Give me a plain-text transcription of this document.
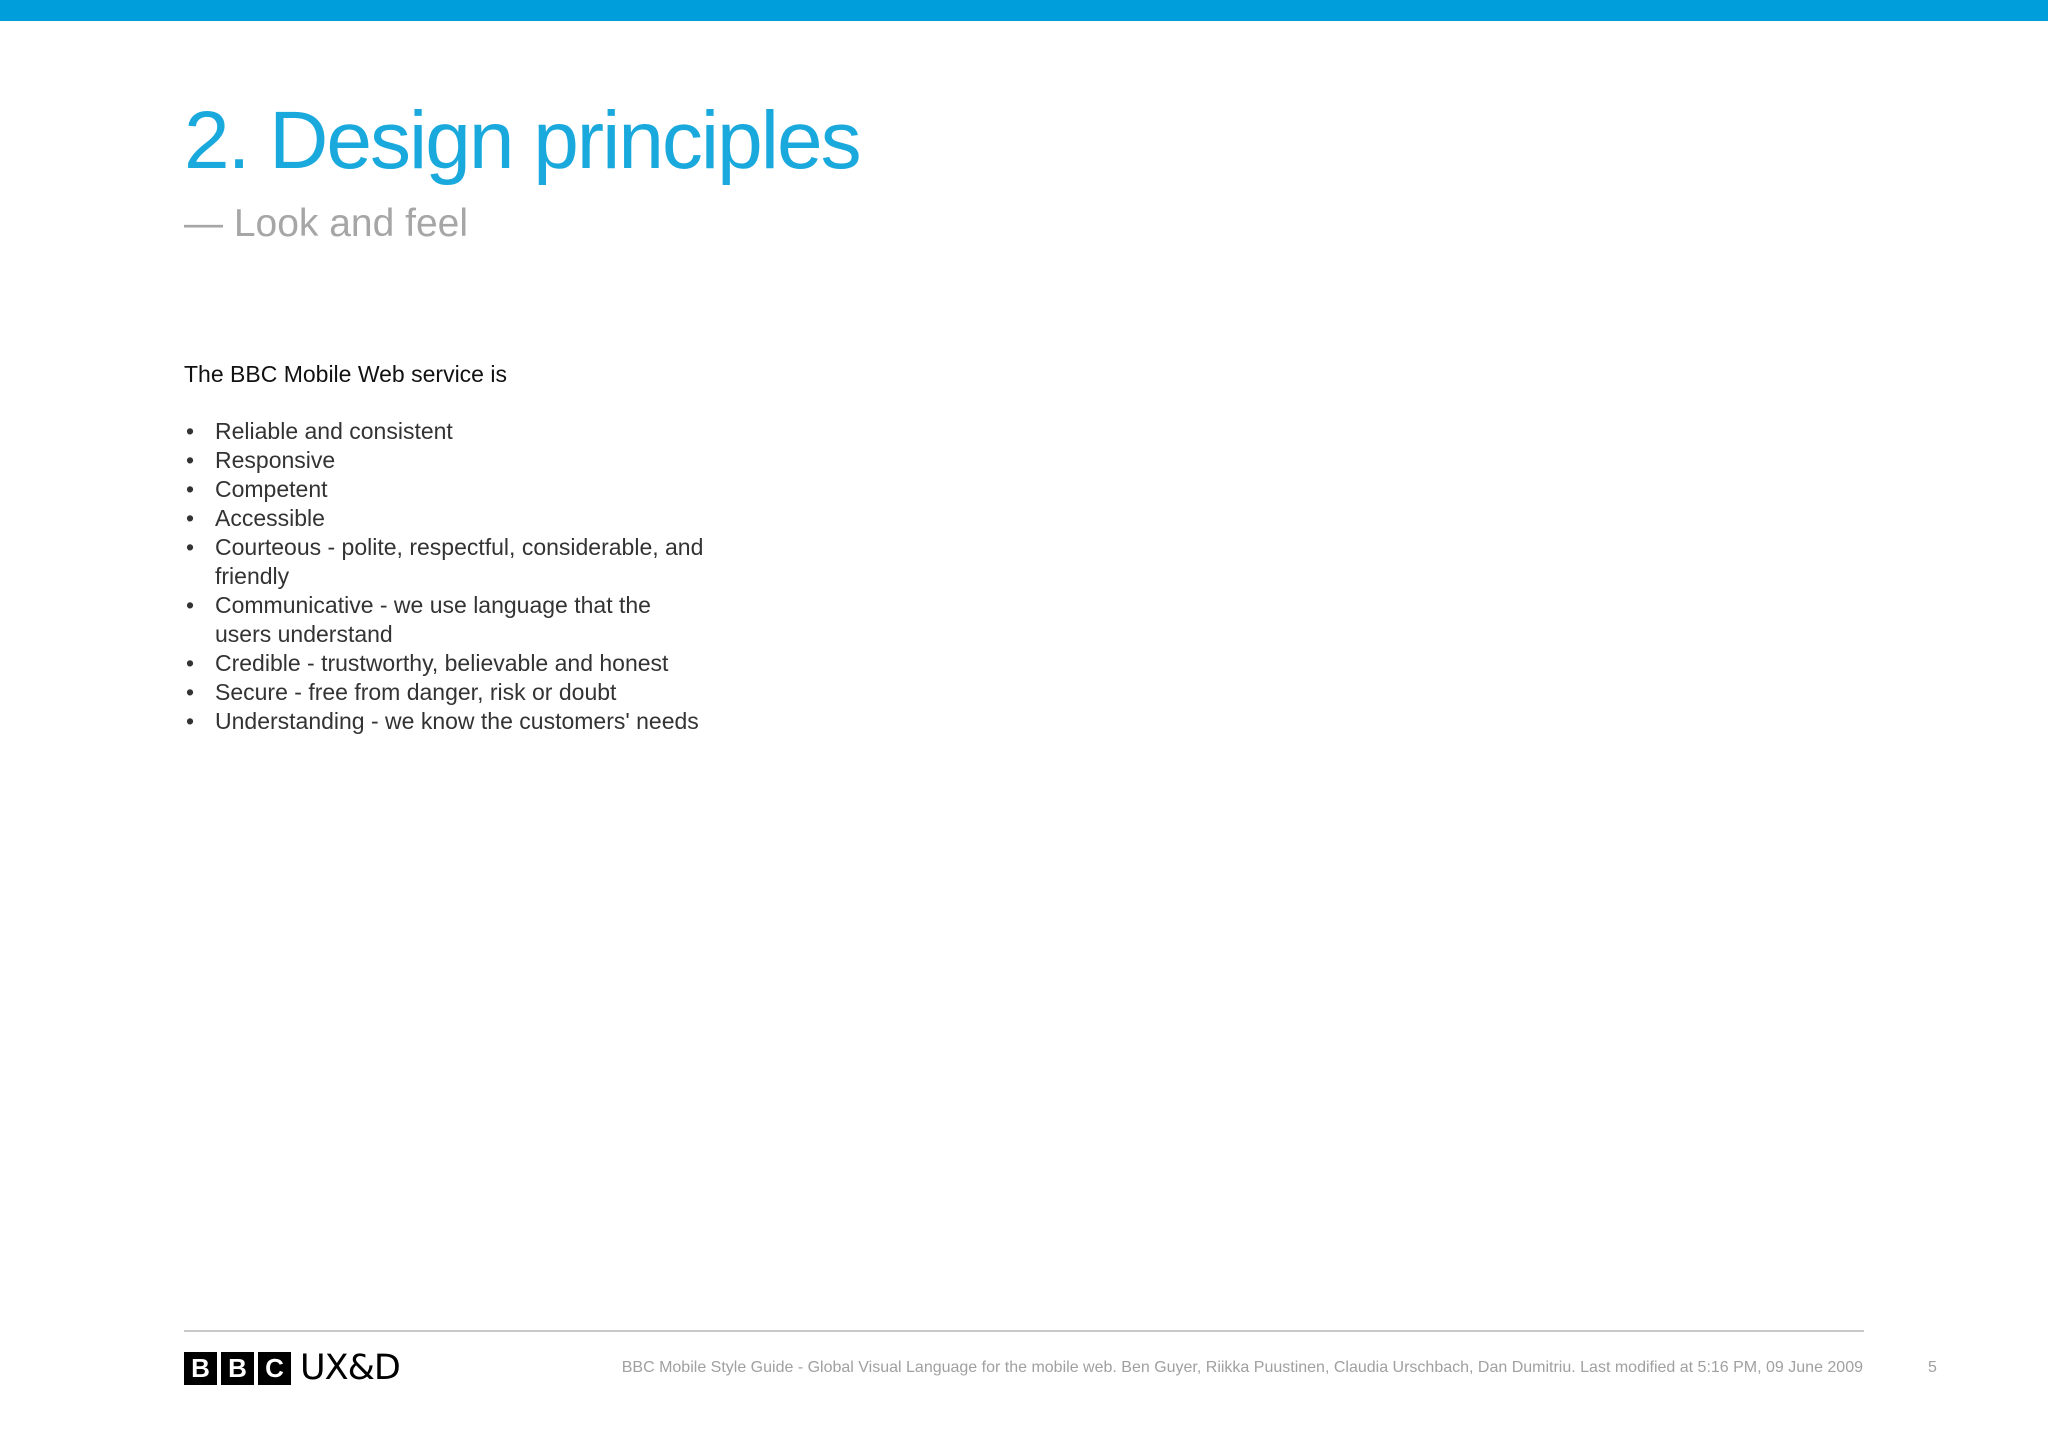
2. Design principles
— Look and feel
The BBC Mobile Web service is
• Reliable and consistent
• Responsive
• Competent
• Accessible
• Courteous - polite, respectful, considerable, and friendly
• Communicative - we use language that the users understand
• Credible - trustworthy, believable and honest
• Secure - free from danger, risk or doubt
• Understanding - we know the customers' needs
B B C UX&D	BBC Mobile Style Guide - Global Visual Language for the mobile web. Ben Guyer, Riikka Puustinen, Claudia Urschbach, Dan Dumitriu. Last modified at 5:16 PM, 09 June 2009	5
